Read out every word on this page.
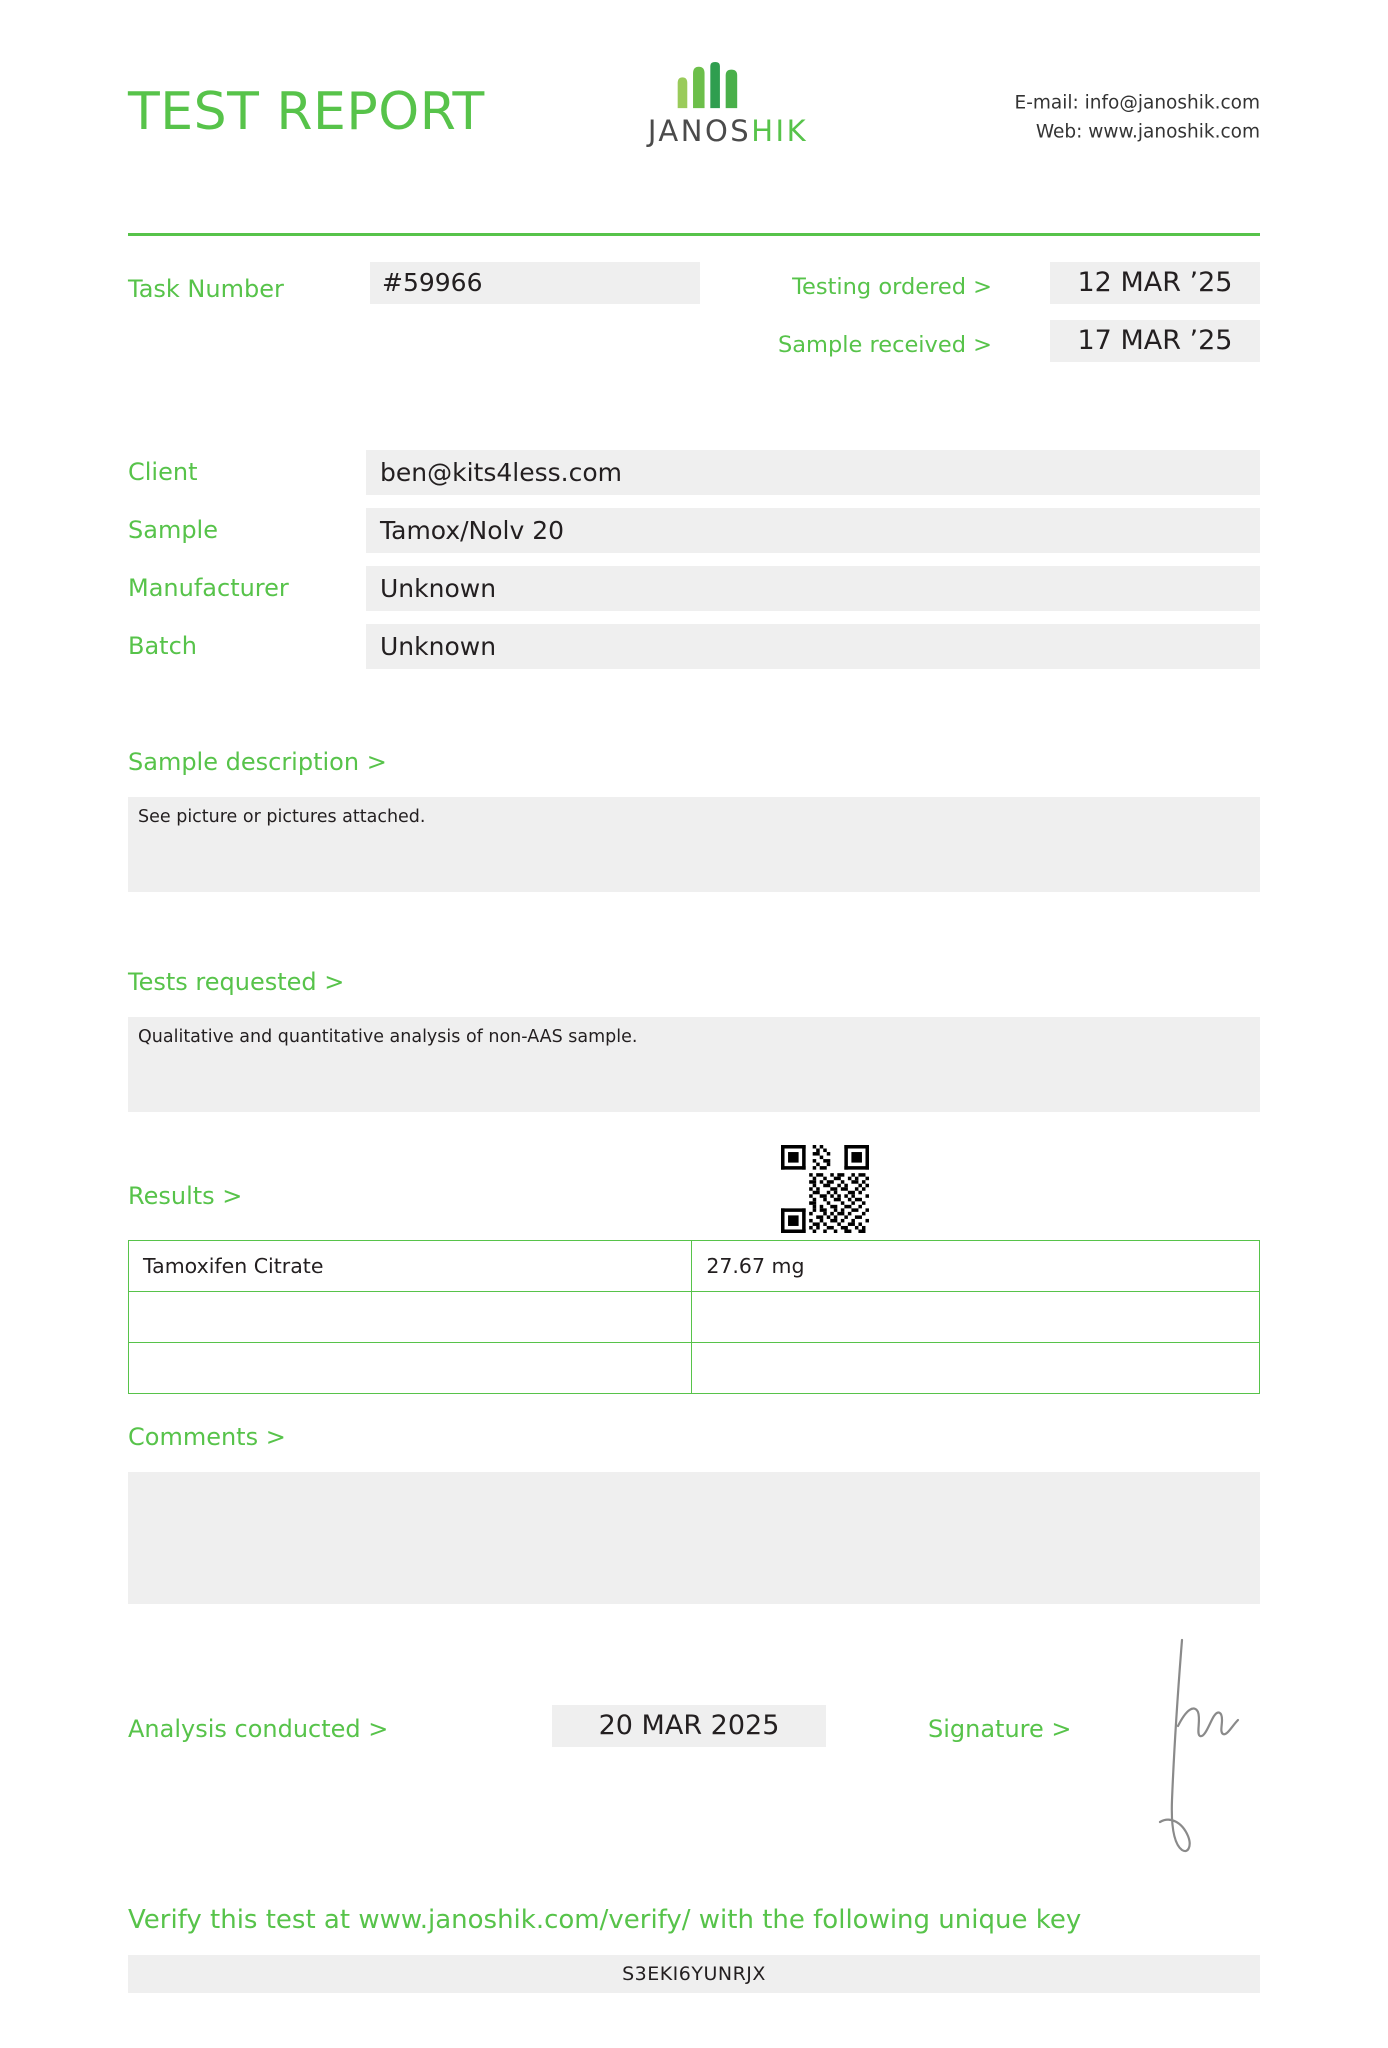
TEST REPORT	JANOSHIK
E-mail: info@janoshik.com
Web: www.janoshik.com
Task Number	#59966	Testing ordered >	12 MAR ’25
Sample received >	17 MAR ’25
Client	ben@kits4less.com
Sample	Tamox/Nolv 20
Manufacturer	Unknown
Batch	Unknown
Sample description >
See picture or pictures attached.
Tests requested >
Qualitative and quantitative analysis of non-AAS sample.
Results >
Tamoxifen Citrate	27.67 mg

Comments >
Analysis conducted >	20 MAR 2025	Signature >
Verify this test at www.janoshik.com/verify/ with the following unique key
S3EKI6YUNRJX
